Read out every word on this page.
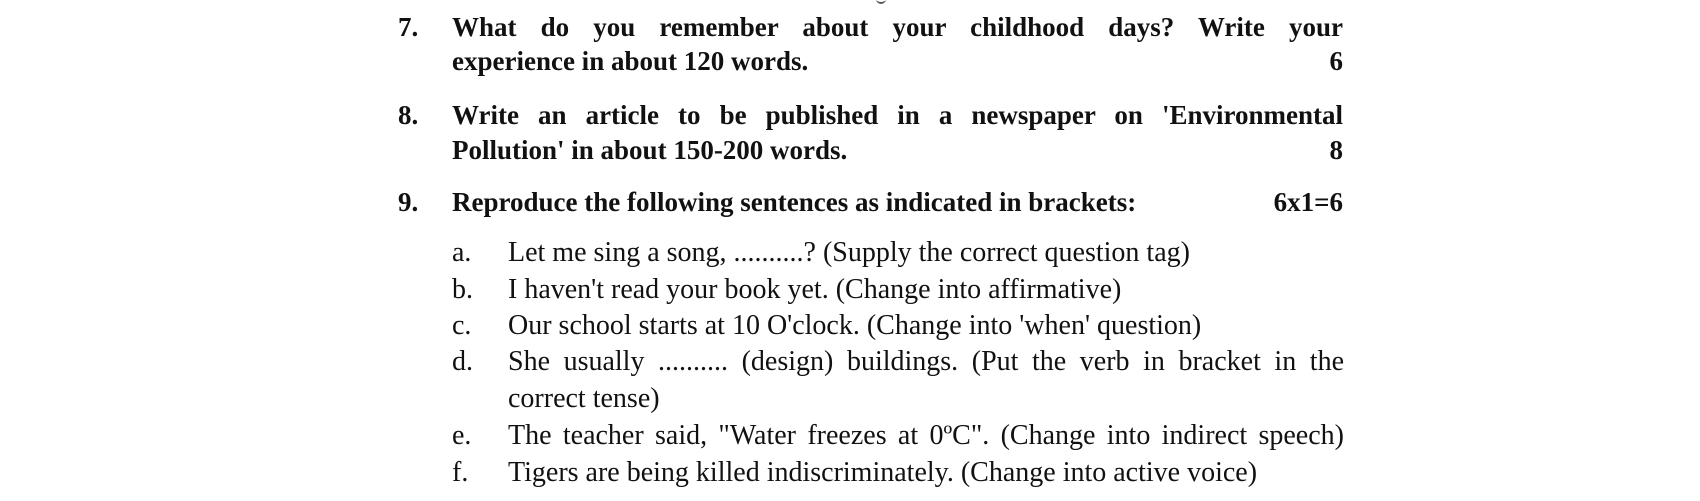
7. What do you remember about your childhood days? Write your
experience in about 120 words.	6
8. Write an article to be published in a newspaper on 'Environmental
Pollution' in about 150-200 words.	8
9. Reproduce the following sentences as indicated in brackets:	6x1=6
a. Let me sing a song, ..........? (Supply the correct question tag)
b. I haven't read your book yet. (Change into affirmative)
c. Our school starts at 10 O'clock. (Change into 'when' question)
d. She usually .......... (design) buildings. (Put the verb in bracket in the
correct tense)
e. The teacher said, "Water freezes at 0ºC". (Change into indirect speech)
f. Tigers are being killed indiscriminately. (Change into active voice)
